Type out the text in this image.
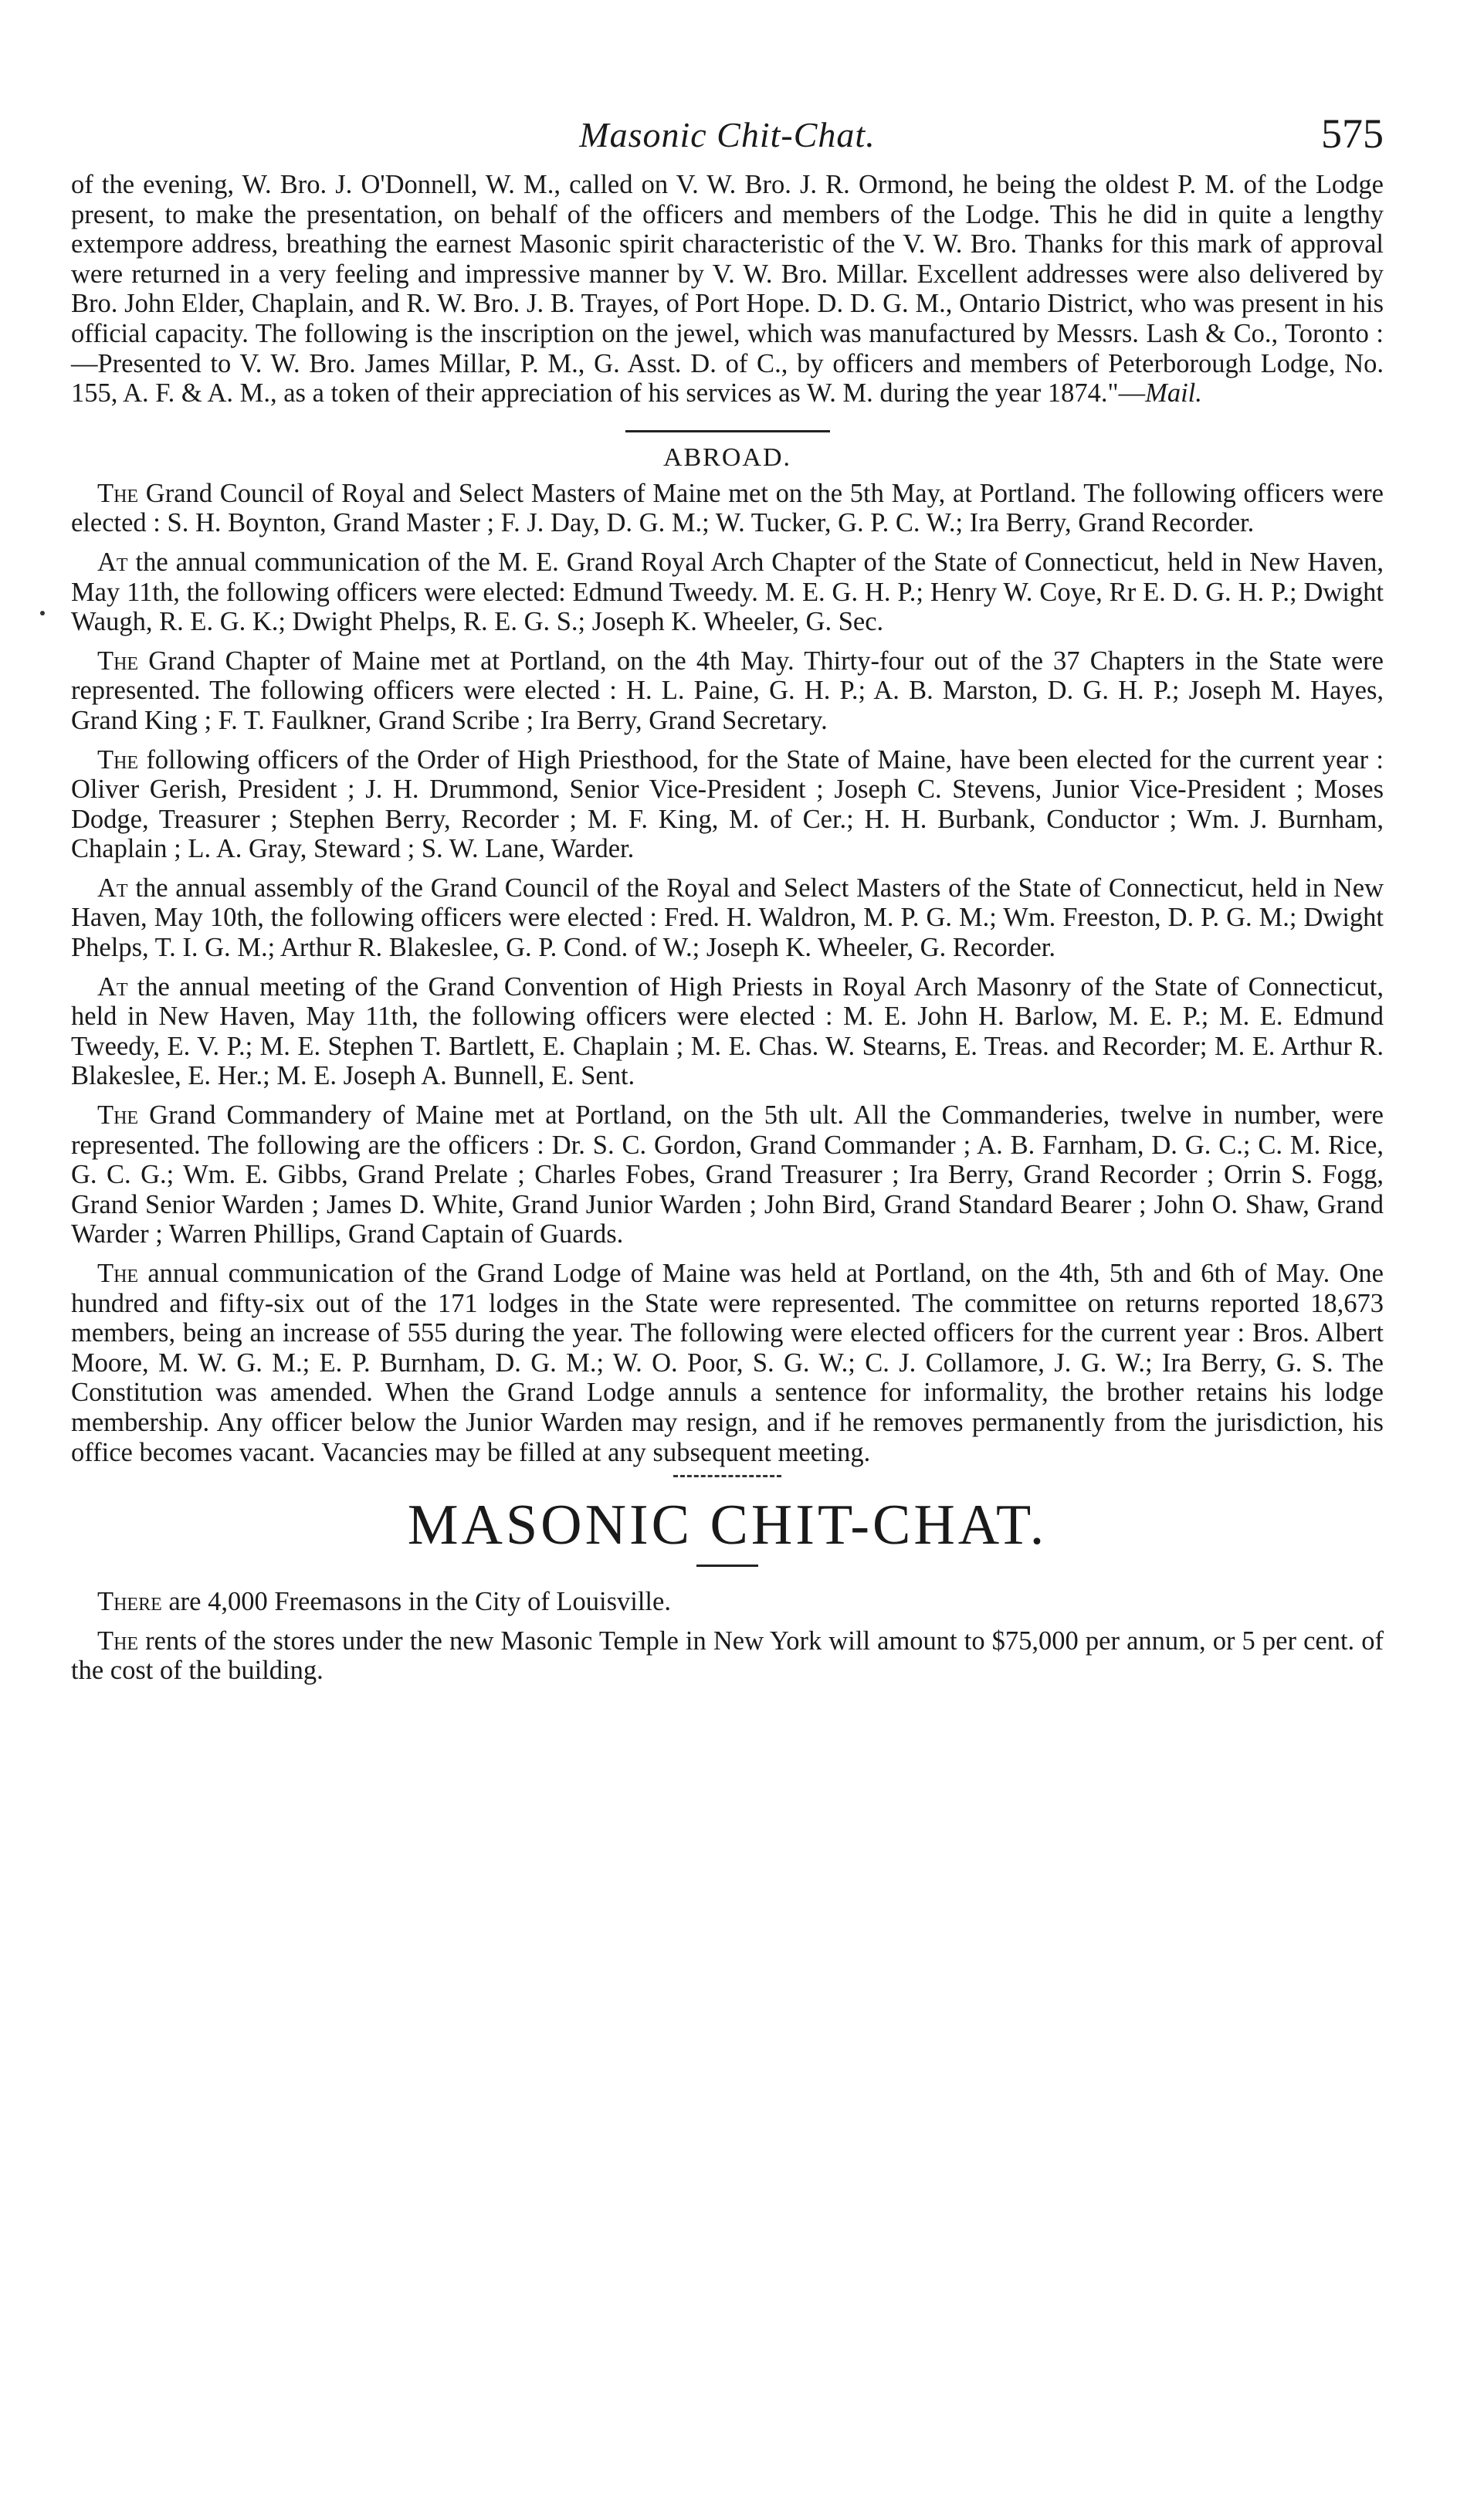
Masonic Chit-Chat.	575

of the evening, W. Bro. J. O'Donnell, W. M., called on V. W. Bro. J. R. Ormond, he being the oldest P. M. of the Lodge present, to make the presentation, on behalf of the officers and members of the Lodge. This he did in quite a lengthy extempore address, breathing the earnest Masonic spirit characteristic of the V. W. Bro. Thanks for this mark of approval were returned in a very feeling and impressive manner by V. W. Bro. Millar. Excellent addresses were also delivered by Bro. John Elder, Chaplain, and R. W. Bro. J. B. Trayes, of Port Hope. D. D. G. M., Ontario District, who was present in his official capacity. The following is the inscription on the jewel, which was manufactured by Messrs. Lash & Co., Toronto :—Presented to V. W. Bro. James Millar, P. M., G. Asst. D. of C., by officers and members of Peterborough Lodge, No. 155, A. F. & A. M., as a token of their appreciation of his services as W. M. during the year 1874."—Mail.

ABROAD.

The Grand Council of Royal and Select Masters of Maine met on the 5th May, at Portland. The following officers were elected : S. H. Boynton, Grand Master ; F. J. Day, D. G. M.; W. Tucker, G. P. C. W.; Ira Berry, Grand Recorder.

At the annual communication of the M. E. Grand Royal Arch Chapter of the State of Connecticut, held in New Haven, May 11th, the following officers were elected: Edmund Tweedy. M. E. G. H. P.; Henry W. Coye, Rr E. D. G. H. P.; Dwight Waugh, R. E. G. K.; Dwight Phelps, R. E. G. S.; Joseph K. Wheeler, G. Sec.

The Grand Chapter of Maine met at Portland, on the 4th May. Thirty-four out of the 37 Chapters in the State were represented. The following officers were elected : H. L. Paine, G. H. P.; A. B. Marston, D. G. H. P.; Joseph M. Hayes, Grand King ; F. T. Faulkner, Grand Scribe ; Ira Berry, Grand Secretary.

The following officers of the Order of High Priesthood, for the State of Maine, have been elected for the current year : Oliver Gerish, President ; J. H. Drummond, Senior Vice-President ; Joseph C. Stevens, Junior Vice-President ; Moses Dodge, Treasurer ; Stephen Berry, Recorder ; M. F. King, M. of Cer.; H. H. Burbank, Conductor ; Wm. J. Burnham, Chaplain ; L. A. Gray, Steward ; S. W. Lane, Warder.

At the annual assembly of the Grand Council of the Royal and Select Masters of the State of Connecticut, held in New Haven, May 10th, the following officers were elected : Fred. H. Waldron, M. P. G. M.; Wm. Freeston, D. P. G. M.; Dwight Phelps, T. I. G. M.; Arthur R. Blakeslee, G. P. Cond. of W.; Joseph K. Wheeler, G. Recorder.

At the annual meeting of the Grand Convention of High Priests in Royal Arch Masonry of the State of Connecticut, held in New Haven, May 11th, the following officers were elected : M. E. John H. Barlow, M. E. P.; M. E. Edmund Tweedy, E. V. P.; M. E. Stephen T. Bartlett, E. Chaplain ; M. E. Chas. W. Stearns, E. Treas. and Recorder; M. E. Arthur R. Blakeslee, E. Her.; M. E. Joseph A. Bunnell, E. Sent.

The Grand Commandery of Maine met at Portland, on the 5th ult. All the Commanderies, twelve in number, were represented. The following are the officers : Dr. S. C. Gordon, Grand Commander ; A. B. Farnham, D. G. C.; C. M. Rice, G. C. G.; Wm. E. Gibbs, Grand Prelate ; Charles Fobes, Grand Treasurer ; Ira Berry, Grand Recorder ; Orrin S. Fogg, Grand Senior Warden ; James D. White, Grand Junior Warden ; John Bird, Grand Standard Bearer ; John O. Shaw, Grand Warder ; Warren Phillips, Grand Captain of Guards.

The annual communication of the Grand Lodge of Maine was held at Portland, on the 4th, 5th and 6th of May. One hundred and fifty-six out of the 171 lodges in the State were represented. The committee on returns reported 18,673 members, being an increase of 555 during the year. The following were elected officers for the current year : Bros. Albert Moore, M. W. G. M.; E. P. Burnham, D. G. M.; W. O. Poor, S. G. W.; C. J. Collamore, J. G. W.; Ira Berry, G. S. The Constitution was amended. When the Grand Lodge annuls a sentence for informality, the brother retains his lodge membership. Any officer below the Junior Warden may resign, and if he removes permanently from the jurisdiction, his office becomes vacant. Vacancies may be filled at any subsequent meeting.

MASONIC CHIT-CHAT.

There are 4,000 Freemasons in the City of Louisville.

The rents of the stores under the new Masonic Temple in New York will amount to $75,000 per annum, or 5 per cent. of the cost of the building.
